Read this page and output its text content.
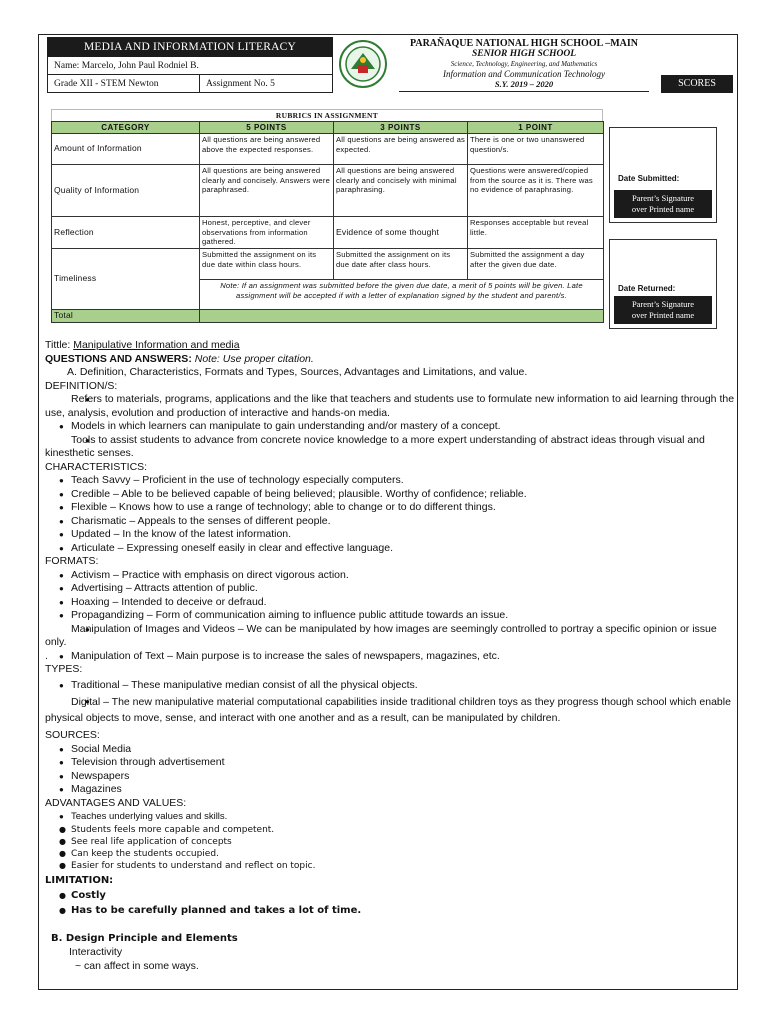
MEDIA AND INFORMATION LITERACY
Name: Marcelo, John Paul Rodniel B.
Grade XII - STEM Newton	Assignment No. 5
PARAÑAQUE NATIONAL HIGH SCHOOL –MAIN
SENIOR HIGH SCHOOL
Science, Technology, Engineering, and Mathematics
Information and Communication Technology
S.Y. 2019 – 2020	SCORES
RUBRICS IN ASSIGNMENT
CATEGORY	5 POINTS	3 POINTS	1 POINT
Amount of Information	All questions are being answered above the expected responses.	All questions are being answered as expected.	There is one or two unanswered question/s.
Quality of Information	All questions are being answered clearly and concisely. Answers were paraphrased.	All questions are being answered clearly and concisely with minimal paraphrasing.	Questions were answered/copied from the source as it is. There was no evidence of paraphrasing.
Reflection	Honest, perceptive, and clever observations from information gathered.	Evidence of some thought	Responses acceptable but reveal little.
Timeliness	Submitted the assignment on its due date within class hours.	Submitted the assignment on its due date after class hours.	Submitted the assignment a day after the given due date.
	Note: If an assignment was submitted before the given due date, a merit of 5 points will be given. Late assignment will be accepted if with a letter of explanation signed by the student and parent/s.		
Total			
Date Submitted:
Parent’s Signature
over Printed name
Date Returned:
Parent’s Signature
over Printed name

Tittle: Manipulative Information and media

QUESTIONS AND ANSWERS: Note: Use proper citation.

A. Definition, Characteristics, Formats and Types, Sources, Advantages and Limitations, and value.

DEFINITION/S:

● Refers to materials, programs, applications and the like that teachers and students use to formulate new information to aid learning through the use, analysis, evolution and production of interactive and hands-on media.

● Models in which learners can manipulate to gain understanding and/or mastery of a concept.

● Tools to assist students to advance from concrete novice knowledge to a more expert understanding of abstract ideas through visual and kinesthetic senses.

CHARACTERISTICS:

● Teach Savvy – Proficient in the use of technology especially computers.

● Credible – Able to be believed capable of being believed; plausible. Worthy of confidence; reliable.

● Flexible – Knows how to use a range of technology; able to change or to do different things.

● Charismatic – Appeals to the senses of different people.

● Updated – In the know of the latest information.

● Articulate – Expressing oneself easily in clear and effective language.

FORMATS:

● Activism – Practice with emphasis on direct vigorous action.

● Advertising – Attracts attention of public.

● Hoaxing – Intended to deceive or defraud.

● Propagandizing – Form of communication aiming to influence public attitude towards an issue.

● Manipulation of Images and Videos – We can be manipulated by how images are seemingly controlled to portray a specific opinion or issue only.

. ● Manipulation of Text – Main purpose is to increase the sales of newspapers, magazines, etc.

TYPES:

● Traditional – These manipulative median consist of all the physical objects.

● Digital – The new manipulative material computational capabilities inside traditional children toys as they progress though school which enable physical objects to move, sense, and interact with one another and as a result, can be manipulated by children.

SOURCES:

● Social Media

● Television through advertisement

● Newspapers

● Magazines

ADVANTAGES AND VALUES:

● Teaches underlying values and skills.

● Students feels more capable and competent.

● See real life application of concepts

● Can keep the students occupied.

● Easier for students to understand and reflect on topic.

LIMITATION:

● Costly

● Has to be carefully planned and takes a lot of time.

B. Design Principle and Elements

Interactivity

~ can affect in some ways.
